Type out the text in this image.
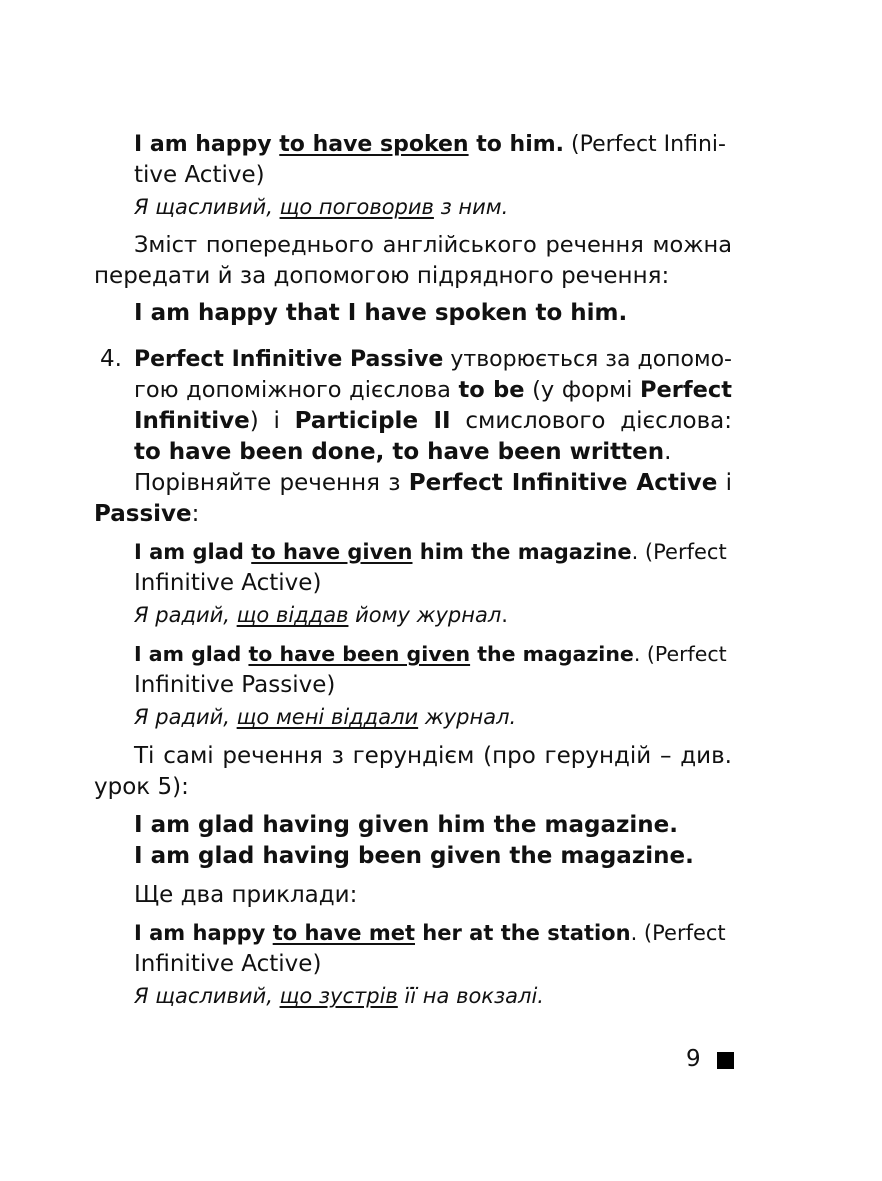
I am happy to have spoken to him. (Perfect Infini-
tive Active)
Я щасливий, що поговорив з ним.
Зміст попереднього англійського речення можна
передати й за допомогою підрядного речення:
I am happy that I have spoken to him.
4. Perfect Infinitive Passive утворюється за допомо-
гою допоміжного дієслова to be (у формі Perfect
Infinitive) і Participle II смислового дієслова:
to have been done, to have been written.
Порівняйте речення з Perfect Infinitive Active і
Passive:
I am glad to have given him the magazine. (Perfect
Infinitive Active)
Я радий, що віддав йому журнал.
I am glad to have been given the magazine. (Perfect
Infinitive Passive)
Я радий, що мені віддали журнал.
Ті самі речення з герундієм (про герундій – див.
урок 5):
I am glad having given him the magazine.
I am glad having been given the magazine.
Ще два приклади:
I am happy to have met her at the station. (Perfect
Infinitive Active)
Я щасливий, що зустрів її на вокзалі.
9
